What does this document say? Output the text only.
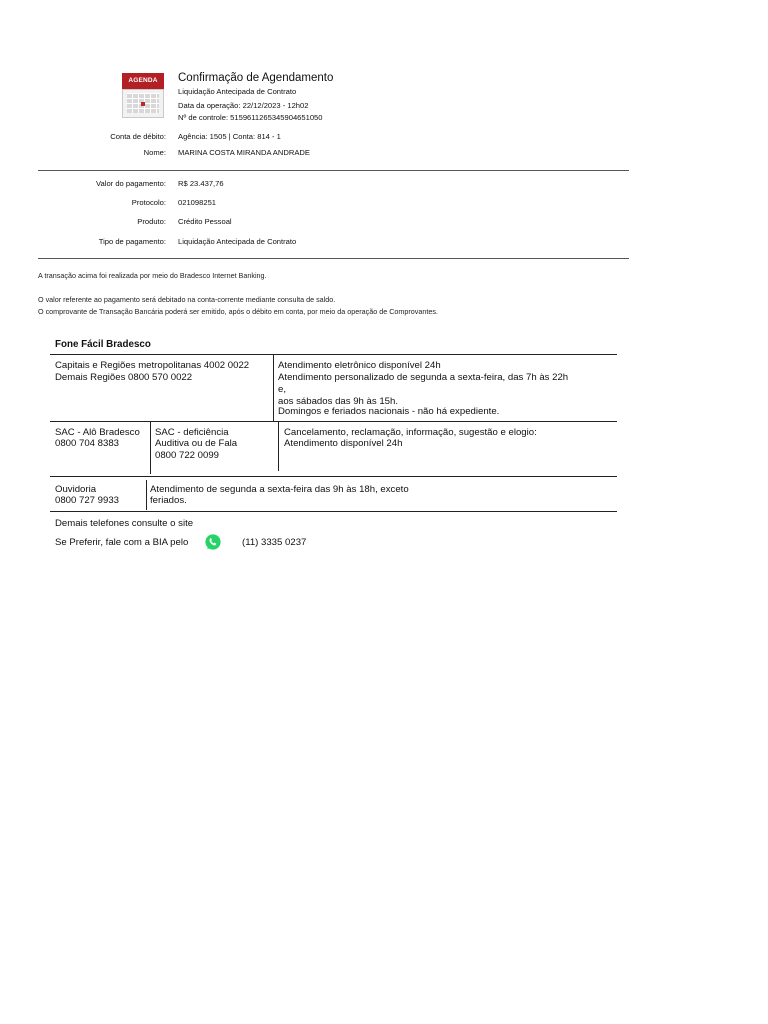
AGENDA	Confirmação de Agendamento
Liquidação Antecipada de Contrato
Data da operação: 22/12/2023 - 12h02
Nº de controle: 515961126534590465105​0
Conta de débito: Agência: 1505 | Conta: 814 - 1
Nome: MARINA COSTA MIRANDA ANDRADE
Valor do pagamento: R$ 23.437,76
Protocolo: 021098251
Produto: Crédito Pessoal
Tipo de pagamento: Liquidação Antecipada de Contrato
A transação acima foi realizada por meio do Bradesco Internet Banking.
O valor referente ao pagamento será debitado na conta-corrente mediante consulta de saldo.
O comprovante de Transação Bancária poderá ser emitido, após o débito em conta, por meio da operação de Comprovantes.
Fone Fácil Bradesco
Capitais e Regiões metropolitanas 4002 0022
Demais Regiões 0800 570 0022
Atendimento eletrônico disponível 24h
Atendimento personalizado de segunda a sexta-feira, das 7h às 22h
e,
aos sábados das 9h às 15h.
Domingos e feriados nacionais - não há expediente.
SAC - Alô Bradesco
0800 704 8383
SAC - deficiência
Auditiva ou de Fala
0800 722 0099
Cancelamento, reclamação, informação, sugestão e elogio:
Atendimento disponível 24h
Ouvidoria
0800 727 9933
Atendimento de segunda a sexta-feira das 9h às 18h, exceto
feriados.
Demais telefones consulte o site
Se Preferir, fale com a BIA pelo	(11) 3335 0237
